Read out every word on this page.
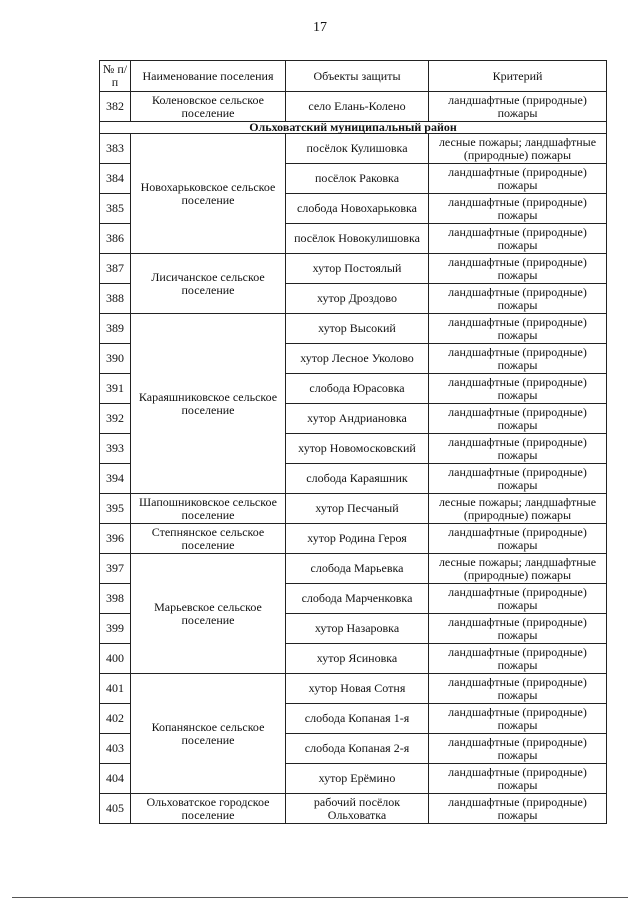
17
№ п/п	Наименование поселения	Объекты защиты	Критерий
382	Коленовское сельское поселение	село Елань-Колено	ландшафтные (природные) пожары
Ольховатский муниципальный район			
383	Новохарьковское сельское поселение	посёлок Кулишовка	лесные пожары; ландшафтные (природные) пожары
384		посёлок Раковка	ландшафтные (природные) пожары
385		слобода Новохарьковка	ландшафтные (природные) пожары
386		посёлок Новокулишовка	ландшафтные (природные) пожары
387	Лисичанское сельское поселение	хутор Постоялый	ландшафтные (природные) пожары
388		хутор Дроздово	ландшафтные (природные) пожары
389	Караяшниковское сельское поселение	хутор Высокий	ландшафтные (природные) пожары
390		хутор Лесное Уколово	ландшафтные (природные) пожары
391		слобода Юрасовка	ландшафтные (природные) пожары
392		хутор Андриановка	ландшафтные (природные) пожары
393		хутор Новомосковский	ландшафтные (природные) пожары
394		слобода Караяшник	ландшафтные (природные) пожары
395	Шапошниковское сельское поселение	хутор Песчаный	лесные пожары; ландшафтные (природные) пожары
396	Степнянское сельское поселение	хутор Родина Героя	ландшафтные (природные) пожары
397	Марьевское сельское поселение	слобода Марьевка	лесные пожары; ландшафтные (природные) пожары
398		слобода Марченковка	ландшафтные (природные) пожары
399		хутор Назаровка	ландшафтные (природные) пожары
400		хутор Ясиновка	ландшафтные (природные) пожары
401	Копанянское сельское поселение	хутор Новая Сотня	ландшафтные (природные) пожары
402		слобода Копаная 1-я	ландшафтные (природные) пожары
403		слобода Копаная 2-я	ландшафтные (природные) пожары
404		хутор Ерёмино	ландшафтные (природные) пожары
405	Ольховатское городское поселение	рабочий посёлок Ольховатка	ландшафтные (природные) пожары
